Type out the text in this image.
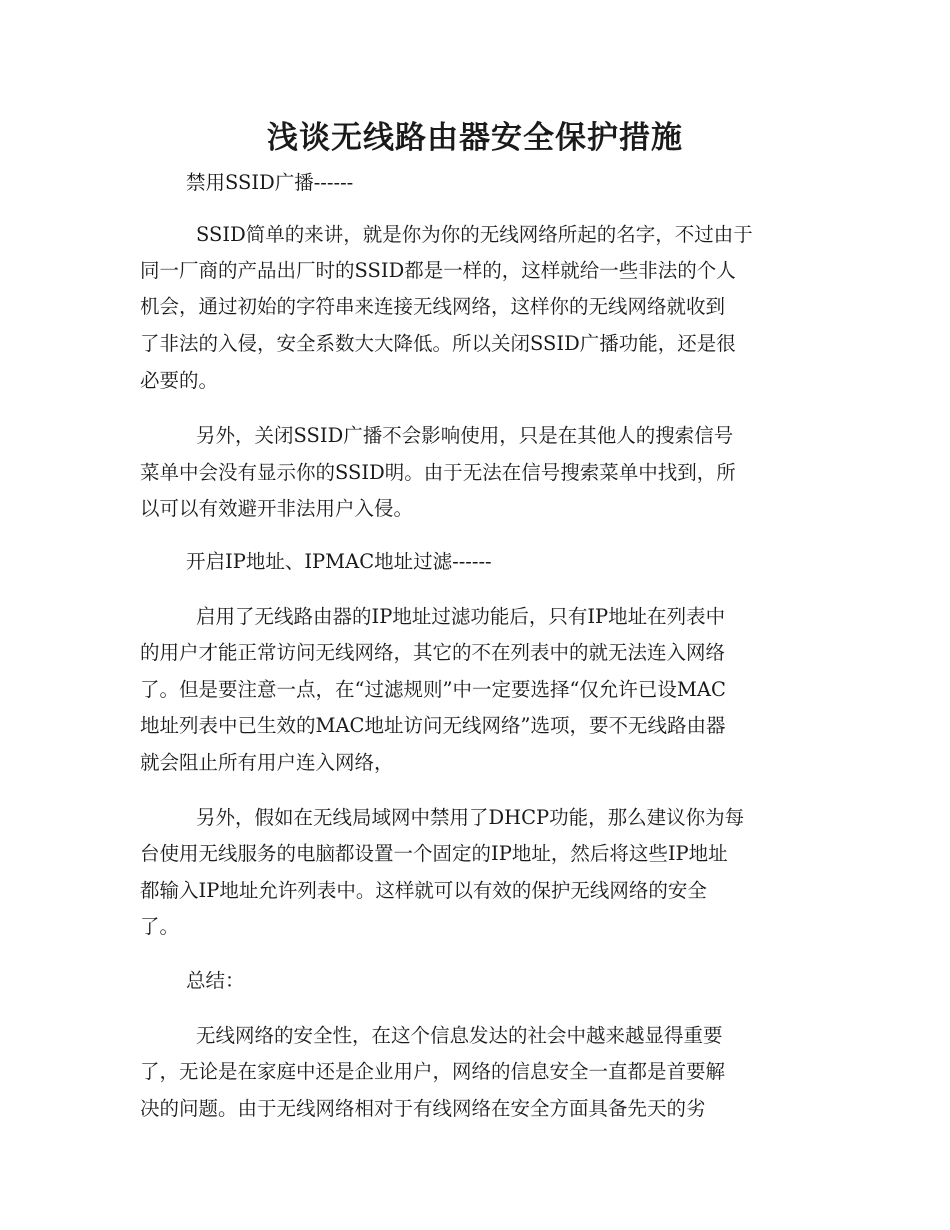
浅谈无线路由器安全保护措施
禁用SSID广播------
SSID简单的来讲，就是你为你的无线网络所起的名字，不过由于
同一厂商的产品出厂时的SSID都是一样的，这样就给一些非法的个人
机会，通过初始的字符串来连接无线网络，这样你的无线网络就收到
了非法的入侵，安全系数大大降低。所以关闭SSID广播功能，还是很
必要的。
另外，关闭SSID广播不会影响使用，只是在其他人的搜索信号
菜单中会没有显示你的SSID明。由于无法在信号搜索菜单中找到，所
以可以有效避开非法用户入侵。
开启IP地址、IPMAC地址过滤------
启用了无线路由器的IP地址过滤功能后，只有IP地址在列表中
的用户才能正常访问无线网络，其它的不在列表中的就无法连入网络
了。但是要注意一点，在“过滤规则”中一定要选择“仅允许已设MAC
地址列表中已生效的MAC地址访问无线网络”选项，要不无线路由器
就会阻止所有用户连入网络，
另外，假如在无线局域网中禁用了DHCP功能，那么建议你为每
台使用无线服务的电脑都设置一个固定的IP地址，然后将这些IP地址
都输入IP地址允许列表中。这样就可以有效的保护无线网络的安全
了。
总结：
无线网络的安全性，在这个信息发达的社会中越来越显得重要
了，无论是在家庭中还是企业用户，网络的信息安全一直都是首要解
决的问题。由于无线网络相对于有线网络在安全方面具备先天的劣
